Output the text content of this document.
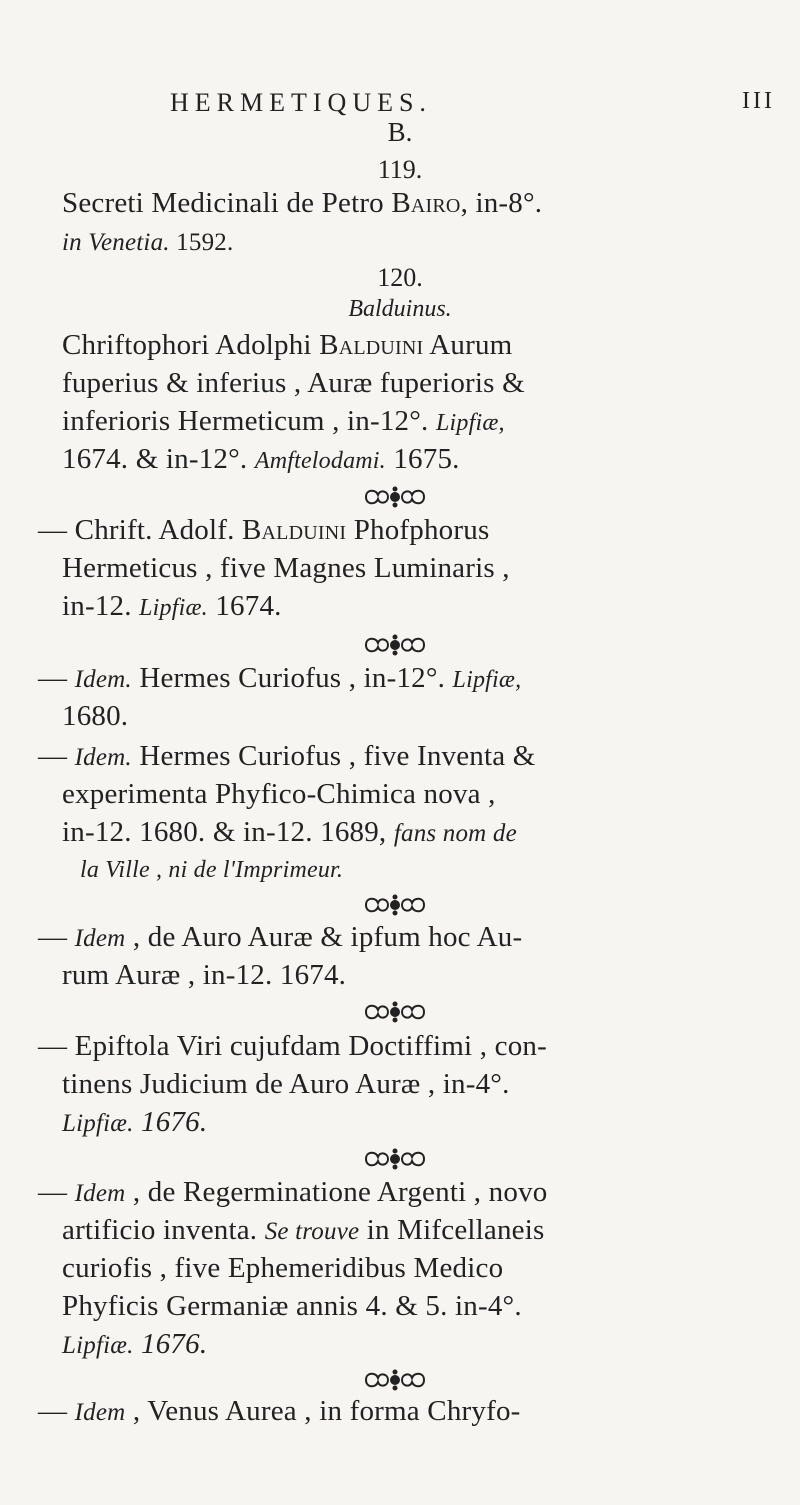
HERMETIQUES.	III
B.
119.
Secreti Medicinali de Petro Bairo, in-8°.
in Venetia. 1592.
120.
Balduinus.
Chriftophori Adolphi Balduini Aurum
fuperius & inferius , Auræ fuperioris &
inferioris Hermeticum , in-12°. Lipfiæ,
1674. & in-12°. Amftelodami. 1675.
— Chrift. Adolf. Balduini Phofphorus
Hermeticus , five Magnes Luminaris ,
in-12. Lipfiæ. 1674.
— Idem. Hermes Curiofus , in-12°. Lipfiæ,
1680.
— Idem. Hermes Curiofus , five Inventa &
experimenta Phyfico-Chimica nova ,
in-12. 1680. & in-12. 1689, fans nom de
la Ville , ni de l'Imprimeur.
— Idem , de Auro Auræ & ipfum hoc Au-
rum Auræ , in-12. 1674.
— Epiftola Viri cujufdam Doctiffimi , con-
tinens Judicium de Auro Auræ , in-4°.
Lipfiæ. 1676.
— Idem , de Regerminatione Argenti , novo
artificio inventa. Se trouve in Mifcellaneis
curiofis , five Ephemeridibus Medico
Phyficis Germaniæ annis 4. & 5. in-4°.
Lipfiæ. 1676.
— Idem , Venus Aurea , in forma Chryfo-
